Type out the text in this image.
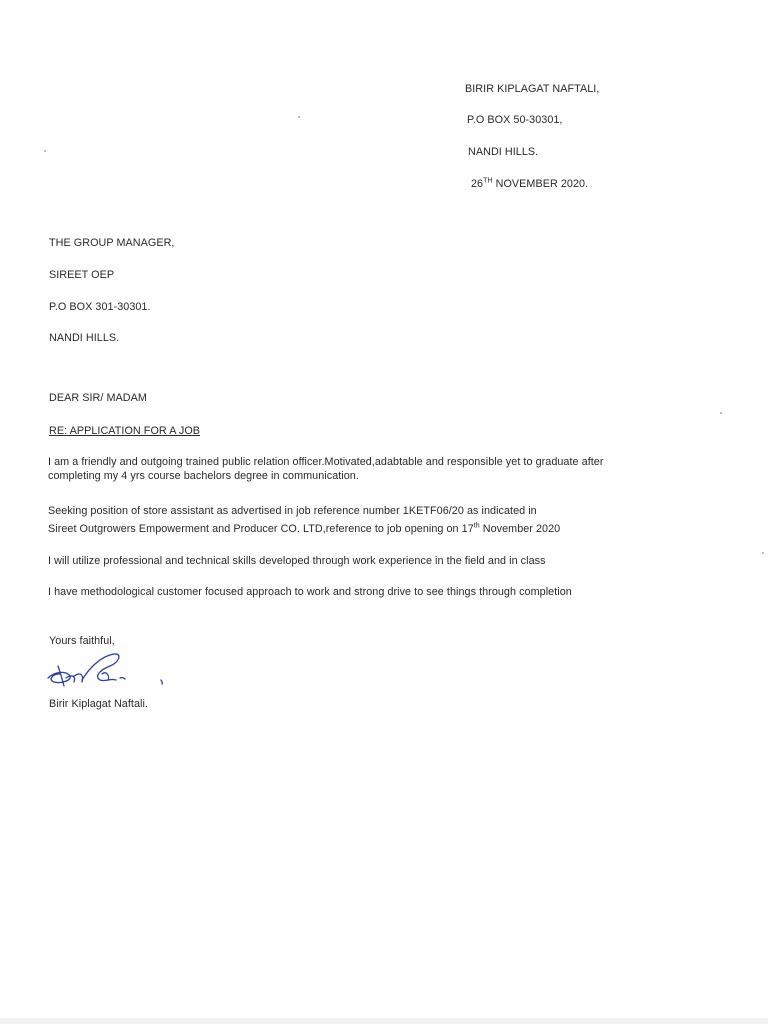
BIRIR KIPLAGAT NAFTALI,
P.O BOX 50-30301,
NANDI HILLS.
26TH NOVEMBER 2020.
THE GROUP MANAGER,
SIREET OEP
P.O BOX 301-30301.
NANDI HILLS.
DEAR SIR/ MADAM
RE: APPLICATION FOR A JOB
I am a friendly and outgoing trained public relation officer.Motivated,adabtable and responsible yet to graduate after completing my 4 yrs course bachelors degree in communication.
Seeking position of store assistant as advertised in job reference number 1KETF06/20 as indicated in
Sireet Outgrowers Empowerment and Producer CO. LTD,reference to job opening on 17th November 2020
I will utilize professional and technical skills developed through work experience in the field and in class
I have methodological customer focused approach to work and strong drive to see things through completion
Yours faithful,
Birir Kiplagat Naftali.
